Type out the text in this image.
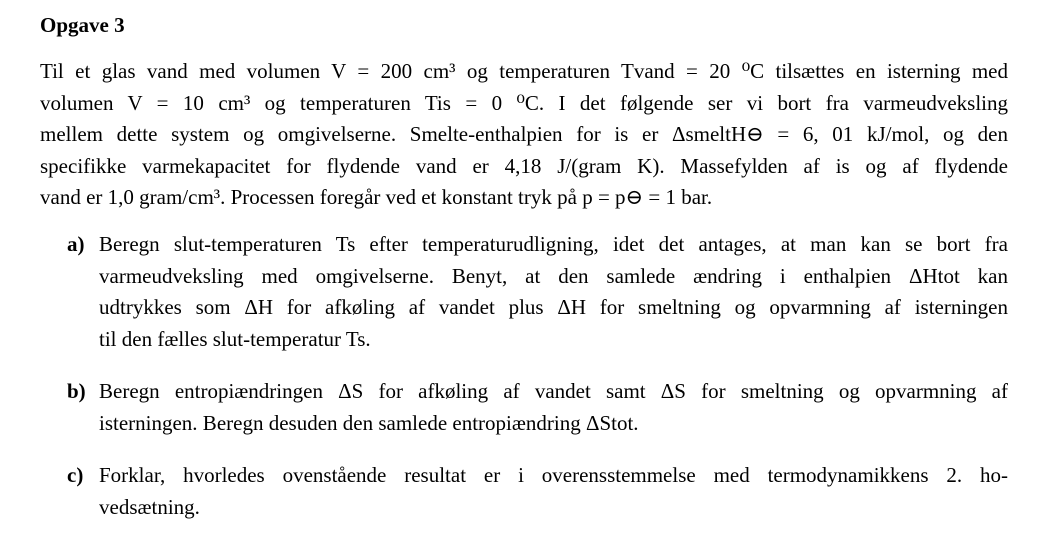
Opgave 3
Til et glas vand med volumen V = 200 cm³ og temperaturen Tvand = 20 ⁰C tilsættes en isterning med
volumen V = 10 cm³ og temperaturen Tis = 0 ⁰C. I det følgende ser vi bort fra varmeudveksling
mellem dette system og omgivelserne. Smelte-enthalpien for is er ΔsmeltH⊖ = 6, 01 kJ/mol, og den
specifikke varmekapacitet for flydende vand er 4,18 J/(gram K). Massefylden af is og af flydende
vand er 1,0 gram/cm³. Processen foregår ved et konstant tryk på p = p⊖ = 1 bar.
a) Beregn slut-temperaturen Ts efter temperaturudligning, idet det antages, at man kan se bort fra
varmeudveksling med omgivelserne. Benyt, at den samlede ændring i enthalpien ΔHtot kan
udtrykkes som ΔH for afkøling af vandet plus ΔH for smeltning og opvarmning af isterningen
til den fælles slut-temperatur Ts.
b) Beregn entropiændringen ΔS for afkøling af vandet samt ΔS for smeltning og opvarmning af
isterningen. Beregn desuden den samlede entropiændring ΔStot.
c) Forklar, hvorledes ovenstående resultat er i overensstemmelse med termodynamikkens 2. ho-
vedsætning.
